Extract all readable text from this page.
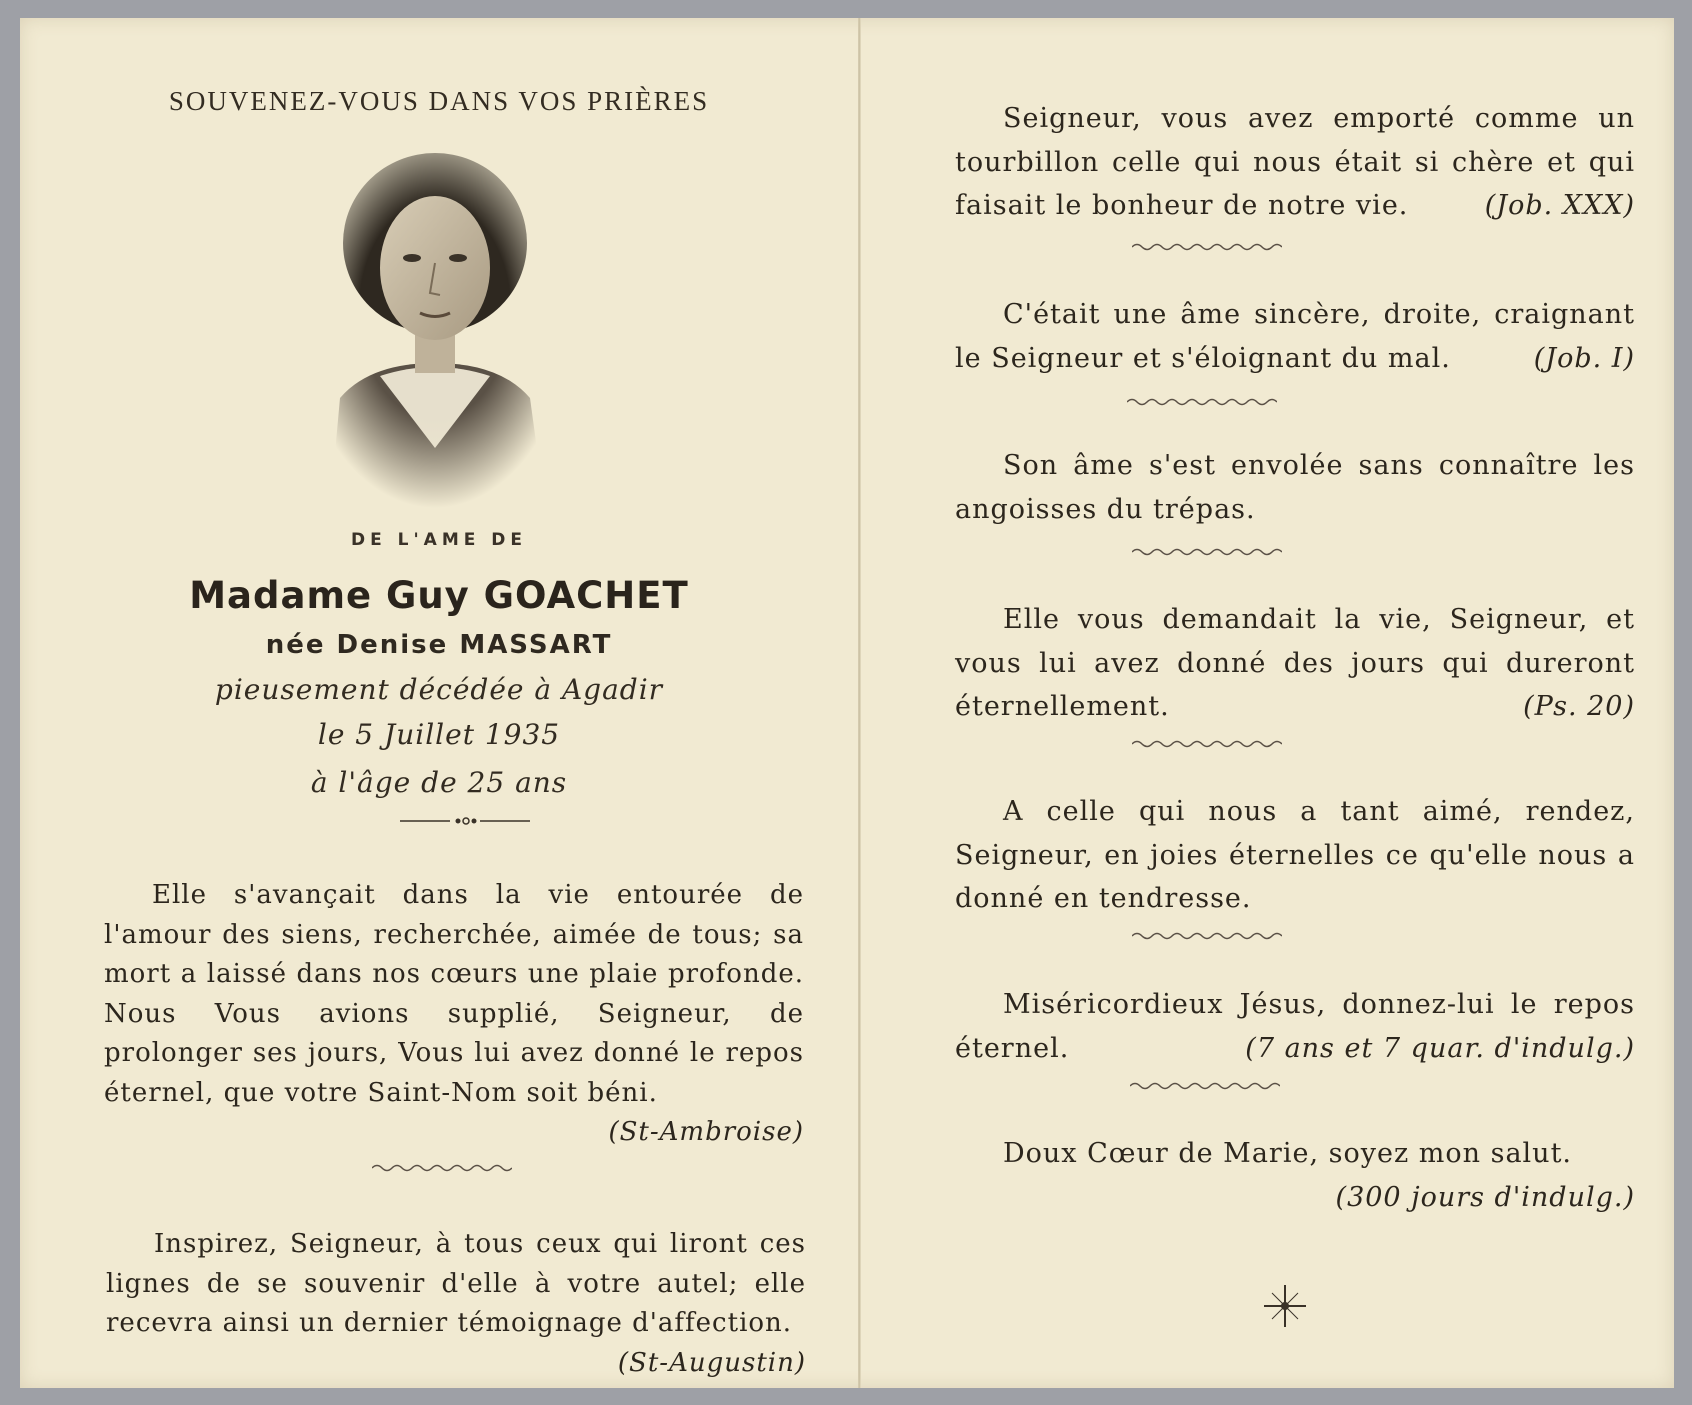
SOUVENEZ-VOUS DANS VOS PRIÈRES
DE L'AME DE
Madame Guy GOACHET
née Denise MASSART
pieusement décédée à Agadir
le 5 Juillet 1935
à l'âge de 25 ans
Elle s'avançait dans la vie entourée de l'amour des siens, recherchée, aimée de tous; sa mort a laissé dans nos cœurs une plaie profonde. Nous Vous avions supplié, Seigneur, de prolonger ses jours, Vous lui avez donné le repos éternel, que votre Saint-Nom soit béni.
(St-Ambroise)
Inspirez, Seigneur, à tous ceux qui liront ces lignes de se souvenir d'elle à votre autel; elle recevra ainsi un dernier témoignage d'affection.
(St-Augustin)
Seigneur, vous avez emporté comme un tourbillon celle qui nous était si chère et qui faisait le bonheur de notre vie.	(Job. XXX)
C'était une âme sincère, droite, craignant le Seigneur et s'éloignant du mal.	(Job. I)
Son âme s'est envolée sans connaître les angoisses du trépas.
Elle vous demandait la vie, Seigneur, et vous lui avez donné des jours qui dureront éternellement.	(Ps. 20)
A celle qui nous a tant aimé, rendez, Seigneur, en joies éternelles ce qu'elle nous a donné en tendresse.
Miséricordieux Jésus, donnez-lui le repos éternel.	(7 ans et 7 quar. d'indulg.)
Doux Cœur de Marie, soyez mon salut.

(300 jours d'indulg.)
